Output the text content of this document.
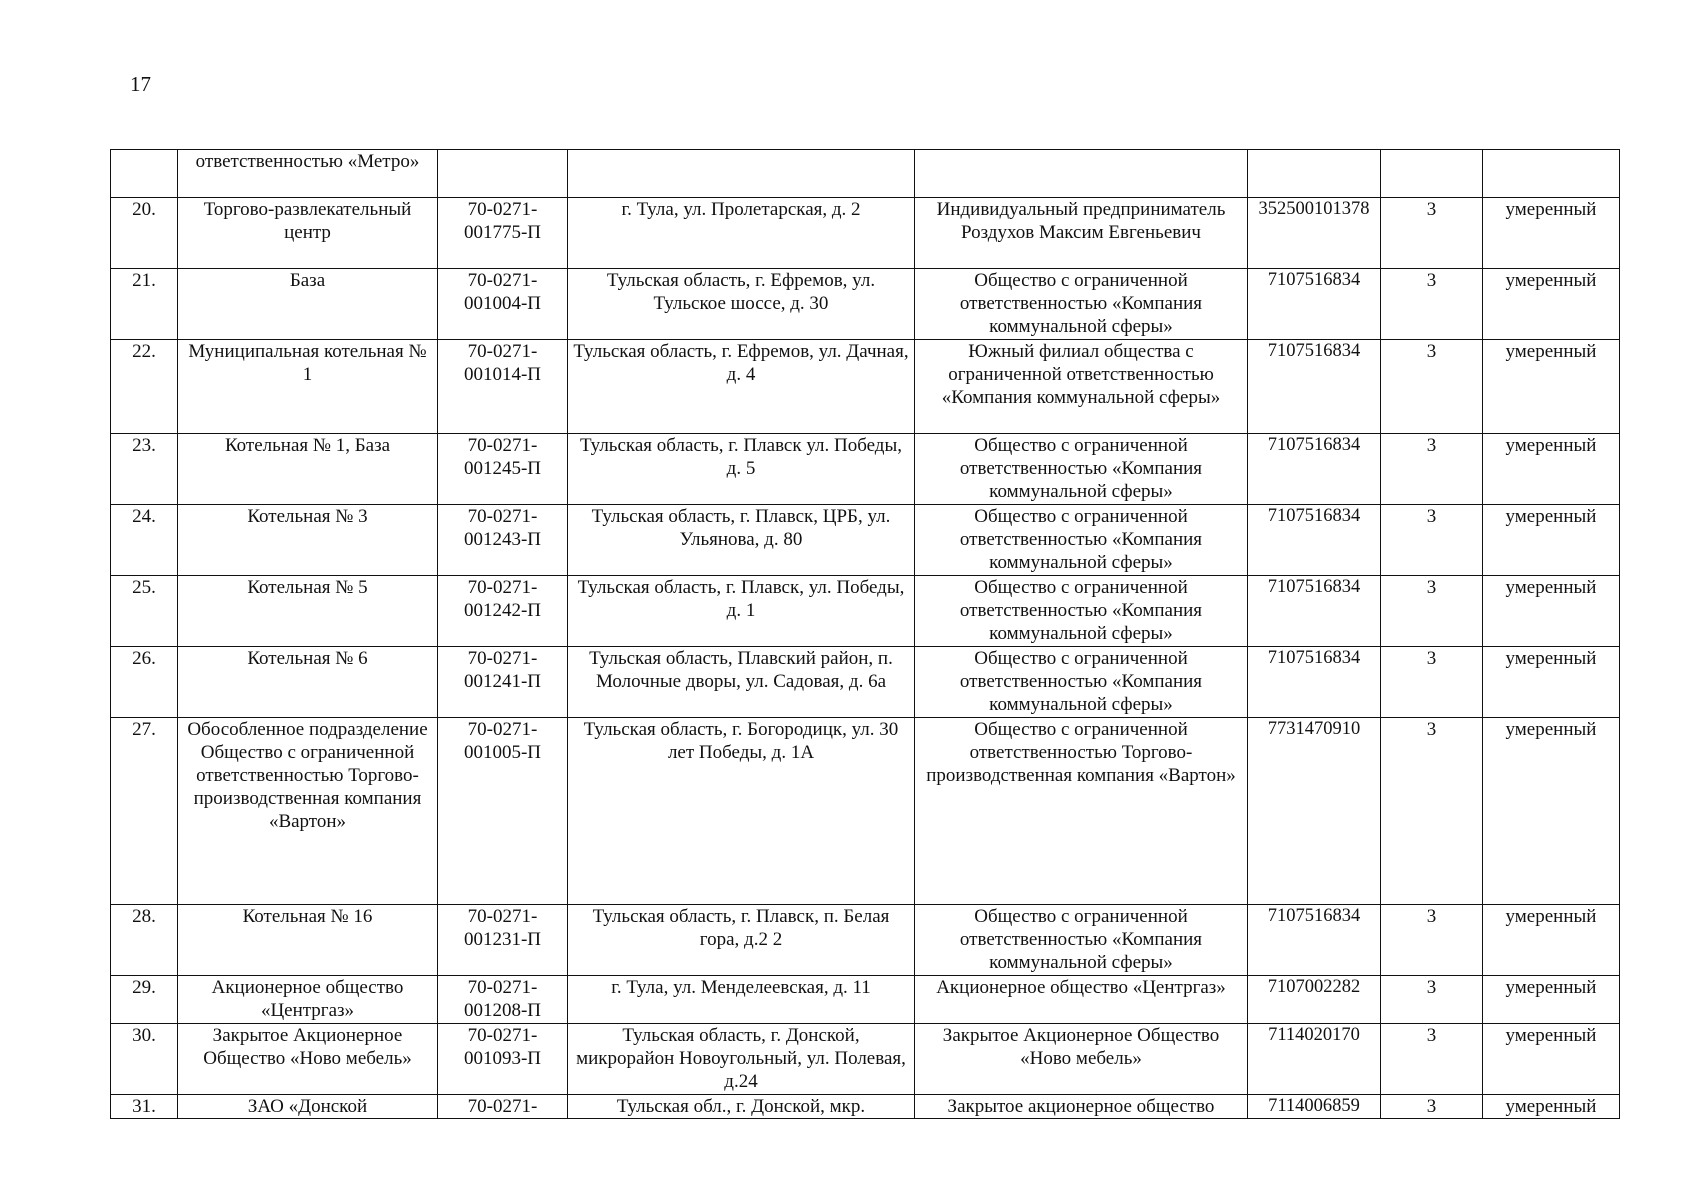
17
	ответственностью «Метро»						
20.	Торгово-развлекательный центр	70-0271-001775-П	г. Тула, ул. Пролетарская, д. 2	Индивидуальный предприниматель Роздухов Максим Евгеньевич	352500101378	3	умеренный
21.	База	70-0271-001004-П	Тульская область, г. Ефремов, ул. Тульское шоссе, д. 30	Общество с ограниченной ответственностью «Компания коммунальной сферы»	7107516834	3	умеренный
22.	Муниципальная котельная № 1	70-0271-001014-П	Тульская область, г. Ефремов, ул. Дачная, д. 4	Южный филиал общества с ограниченной ответственностью «Компания коммунальной сферы»	7107516834	3	умеренный
23.	Котельная № 1, База	70-0271-001245-П	Тульская область, г. Плавск ул. Победы, д. 5	Общество с ограниченной ответственностью «Компания коммунальной сферы»	7107516834	3	умеренный
24.	Котельная № 3	70-0271-001243-П	Тульская область, г. Плавск, ЦРБ, ул. Ульянова, д. 80	Общество с ограниченной ответственностью «Компания коммунальной сферы»	7107516834	3	умеренный
25.	Котельная № 5	70-0271-001242-П	Тульская область, г. Плавск, ул. Победы, д. 1	Общество с ограниченной ответственностью «Компания коммунальной сферы»	7107516834	3	умеренный
26.	Котельная № 6	70-0271-001241-П	Тульская область, Плавский район, п. Молочные дворы, ул. Садовая, д. 6а	Общество с ограниченной ответственностью «Компания коммунальной сферы»	7107516834	3	умеренный
27.	Обособленное подразделение Общество с ограниченной ответственностью Торгово-производственная компания «Вартон»	70-0271-001005-П	Тульская область, г. Богородицк, ул. 30 лет Победы, д. 1А	Общество с ограниченной ответственностью Торгово-производственная компания «Вартон»	7731470910	3	умеренный
28.	Котельная № 16	70-0271-001231-П	Тульская область, г. Плавск, п. Белая гора, д.2 2	Общество с ограниченной ответственностью «Компания коммунальной сферы»	7107516834	3	умеренный
29.	Акционерное общество «Центргаз»	70-0271-001208-П	г. Тула, ул. Менделеевская, д. 11	Акционерное общество «Центргаз»	7107002282	3	умеренный
30.	Закрытое Акционерное Общество «Ново мебель»	70-0271-001093-П	Тульская область, г. Донской, микрорайон Новоугольный, ул. Полевая, д.24	Закрытое Акционерное Общество «Ново мебель»	7114020170	3	умеренный
31.	ЗАО «Донской	70-0271-	Тульская обл., г. Донской, мкр.	Закрытое акционерное общество	7114006859	3	умеренный
